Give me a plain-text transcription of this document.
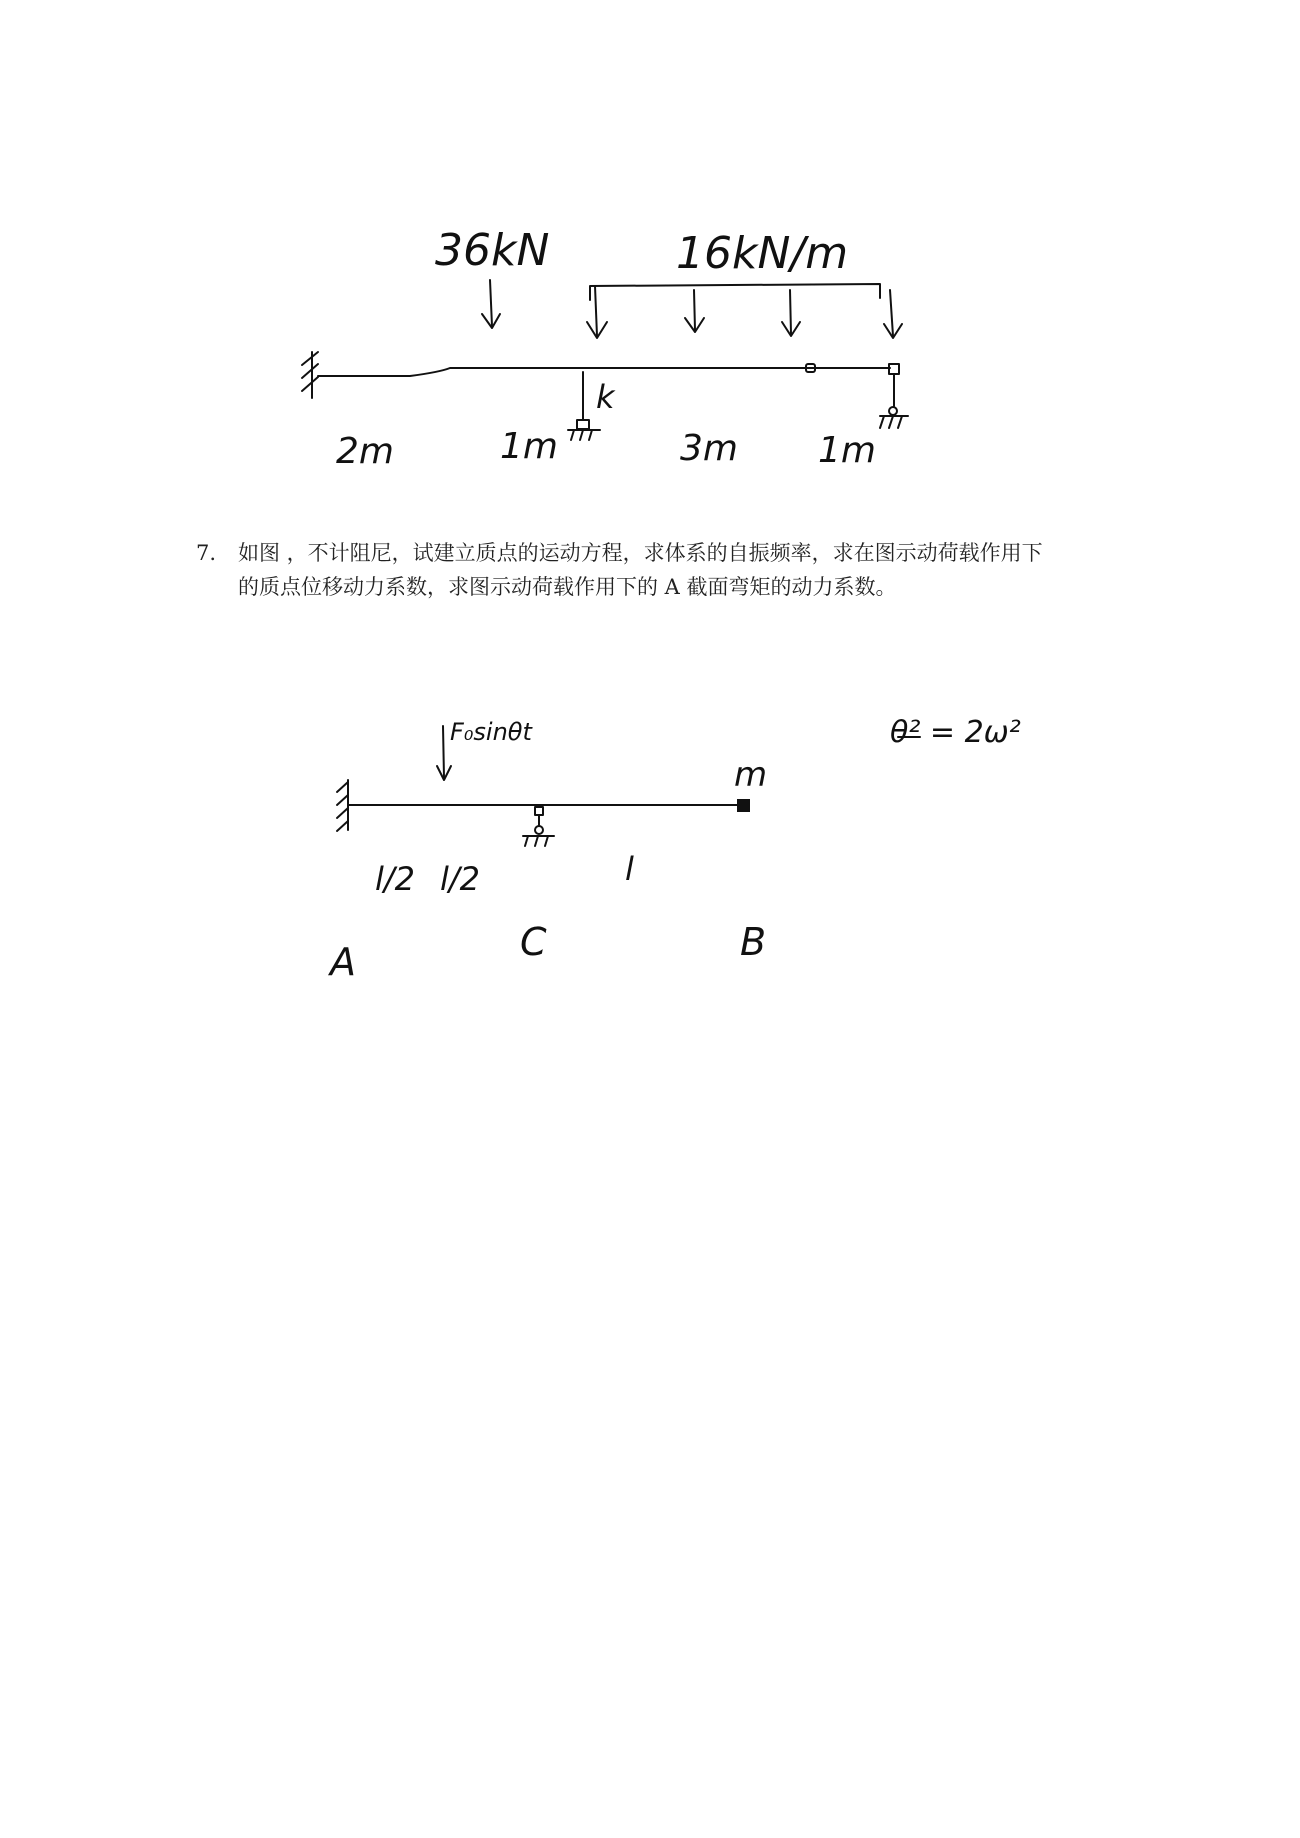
36kN	16kN/m
k
2m	1m	3m 1m
7. 如图 ，不计阻尼，试建立质点的运动方程，求体系的自振频率，求在图示动荷载作用下
的质点位移动力系数，求图示动荷载作用下的 A 截面弯矩的动力系数。
F₀sinθt
m
θ² = 2ω²
l/2 l/2	l
A	C	B
